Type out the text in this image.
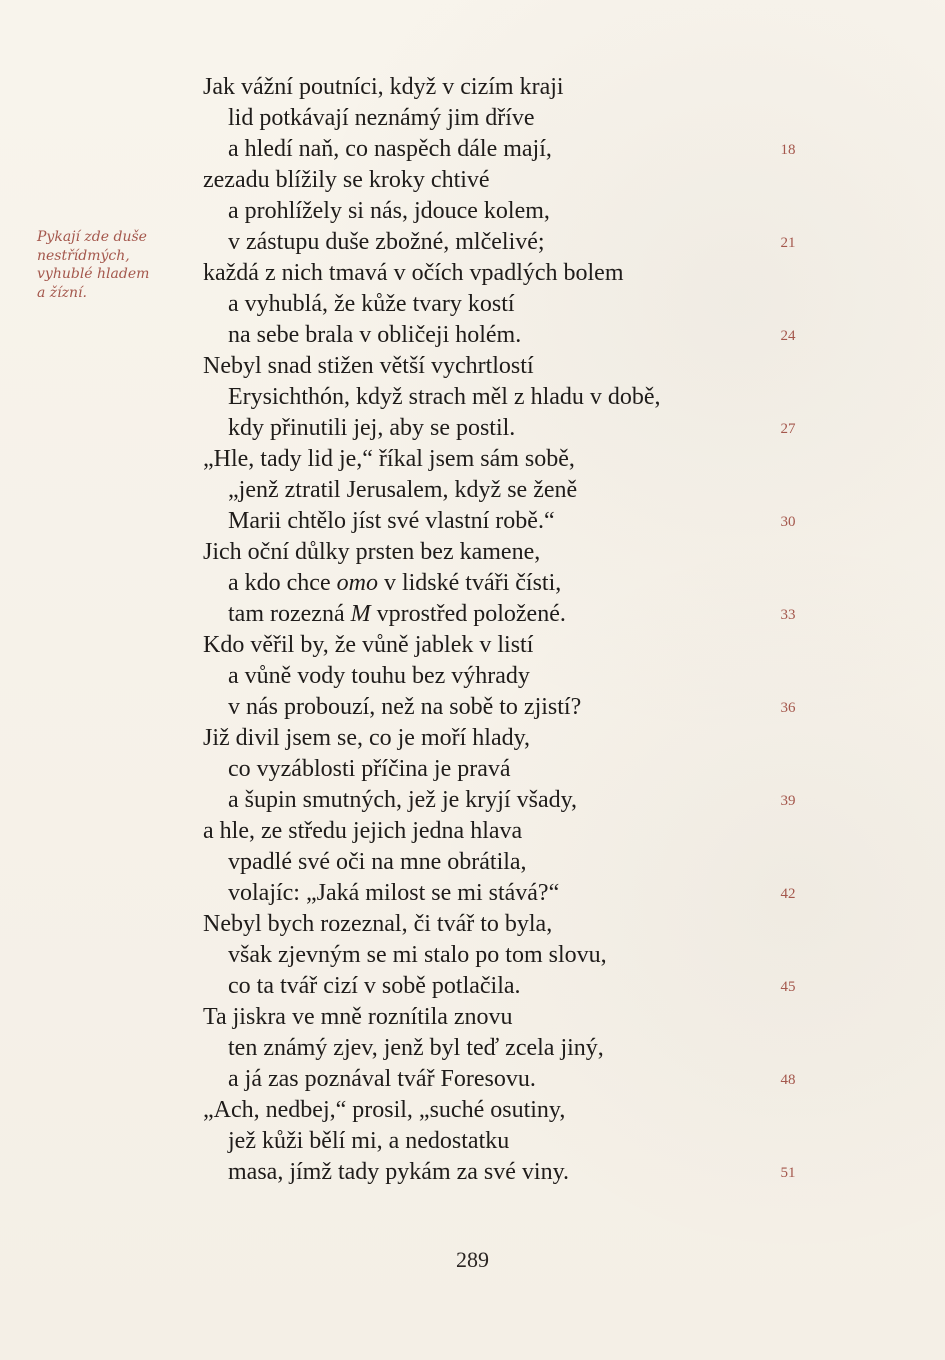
Pykají zde duše
nestřídmých,
vyhublé hladem
a žízní.
Jak vážní poutníci, když v cizím kraji
lid potkávají neznámý jim dříve
a hledí naň, co naspěch dále mají,	18
zezadu blížily se kroky chtivé
a prohlížely si nás, jdouce kolem,
v zástupu duše zbožné, mlčelivé;	21
každá z nich tmavá v očích vpadlých bolem
a vyhublá, že kůže tvary kostí
na sebe brala v obličeji holém.	24
Nebyl snad stižen větší vychrtlostí
Erysichthón, když strach měl z hladu v době,
kdy přinutili jej, aby se postil.	27
„Hle, tady lid je,“ říkal jsem sám sobě,
„jenž ztratil Jerusalem, když se ženě
Marii chtělo jíst své vlastní robě.“	30
Jich oční důlky prsten bez kamene,
a kdo chce omo v lidské tváři čísti,
tam rozezná M vprostřed položené.	33
Kdo věřil by, že vůně jablek v listí
a vůně vody touhu bez výhrady
v nás probouzí, než na sobě to zjistí?	36
Již divil jsem se, co je moří hlady,
co vyzáblosti příčina je pravá
a šupin smutných, jež je kryjí všady,	39
a hle, ze středu jejich jedna hlava
vpadlé své oči na mne obrátila,
volajíc: „Jaká milost se mi stává?“	42
Nebyl bych rozeznal, či tvář to byla,
však zjevným se mi stalo po tom slovu,
co ta tvář cizí v sobě potlačila.	45
Ta jiskra ve mně roznítila znovu
ten známý zjev, jenž byl teď zcela jiný,
a já zas poznával tvář Foresovu.	48
„Ach, nedbej,“ prosil, „suché osutiny,
jež kůži bělí mi, a nedostatku
masa, jímž tady pykám za své viny.	51
289
